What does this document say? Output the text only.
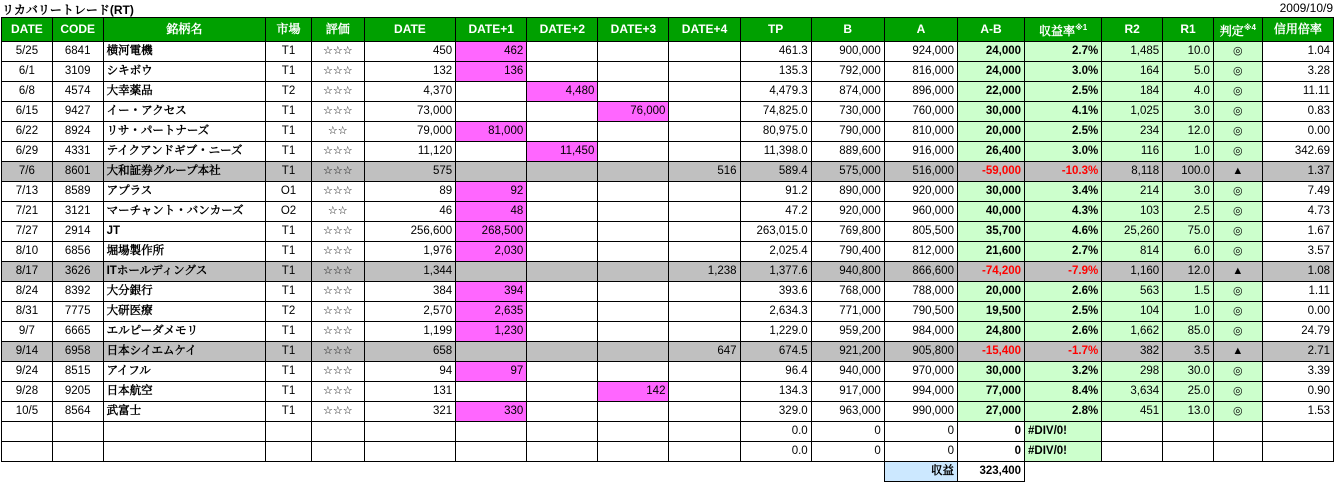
リカバリートレード(RT)	2009/10/9
DATE	CODE	銘柄名	市場	評価	DATE	DATE+1	DATE+2	DATE+3	DATE+4	TP	B	A	A-B	収益率$^{※1}$	R2	R1	判定$^{※4}$	信用倍率
5/25	6841	横河電機	T1	☆☆☆	450	462				461.3	900,000	924,000	24,000	2.7%	1,485	10.0	◎	1.04
6/1	3109	シキボウ	T1	☆☆☆	132	136				135.3	792,000	816,000	24,000	3.0%	164	5.0	◎	3.28
6/8	4574	大幸薬品	T2	☆☆☆	4,370		4,480			4,479.3	874,000	896,000	22,000	2.5%	184	4.0	◎	11.11
6/15	9427	イー・アクセス	T1	☆☆☆	73,000			76,000		74,825.0	730,000	760,000	30,000	4.1%	1,025	3.0	◎	0.83
6/22	8924	リサ・パートナーズ	T1	☆☆	79,000	81,000				80,975.0	790,000	810,000	20,000	2.5%	234	12.0	◎	0.00
6/29	4331	テイクアンドギブ・ニーズ	T1	☆☆☆	11,120		11,450			11,398.0	889,600	916,000	26,400	3.0%	116	1.0	◎	342.69
7/6	8601	大和証券グループ本社	T1	☆☆☆	575				516	589.4	575,000	516,000	-59,000	-10.3%	8,118	100.0	▲	1.37
7/13	8589	アプラス	O1	☆☆☆	89	92				91.2	890,000	920,000	30,000	3.4%	214	3.0	◎	7.49
7/21	3121	マーチャント・バンカーズ	O2	☆☆	46	48				47.2	920,000	960,000	40,000	4.3%	103	2.5	◎	4.73
7/27	2914	JT	T1	☆☆☆	256,600	268,500				263,015.0	769,800	805,500	35,700	4.6%	25,260	75.0	◎	1.67
8/10	6856	堀場製作所	T1	☆☆☆	1,976	2,030				2,025.4	790,400	812,000	21,600	2.7%	814	6.0	◎	3.57
8/17	3626	ITホールディングス	T1	☆☆☆	1,344				1,238	1,377.6	940,800	866,600	-74,200	-7.9%	1,160	12.0	▲	1.08
8/24	8392	大分銀行	T1	☆☆☆	384	394				393.6	768,000	788,000	20,000	2.6%	563	1.5	◎	1.11
8/31	7775	大研医療	T2	☆☆☆	2,570	2,635				2,634.3	771,000	790,500	19,500	2.5%	104	1.0	◎	0.00
9/7	6665	エルピーダメモリ	T1	☆☆☆	1,199	1,230				1,229.0	959,200	984,000	24,800	2.6%	1,662	85.0	◎	24.79
9/14	6958	日本シイエムケイ	T1	☆☆☆	658				647	674.5	921,200	905,800	-15,400	-1.7%	382	3.5	▲	2.71
9/24	8515	アイフル	T1	☆☆☆	94	97				96.4	940,000	970,000	30,000	3.2%	298	30.0	◎	3.39
9/28	9205	日本航空	T1	☆☆☆	131			142		134.3	917,000	994,000	77,000	8.4%	3,634	25.0	◎	0.90
10/5	8564	武富士	T1	☆☆☆	321	330				329.0	963,000	990,000	27,000	2.8%	451	13.0	◎	1.53
										0.0	0	0	0	#DIV/0!				
										0.0	0	0	0	#DIV/0!				
												収益	323,400					
